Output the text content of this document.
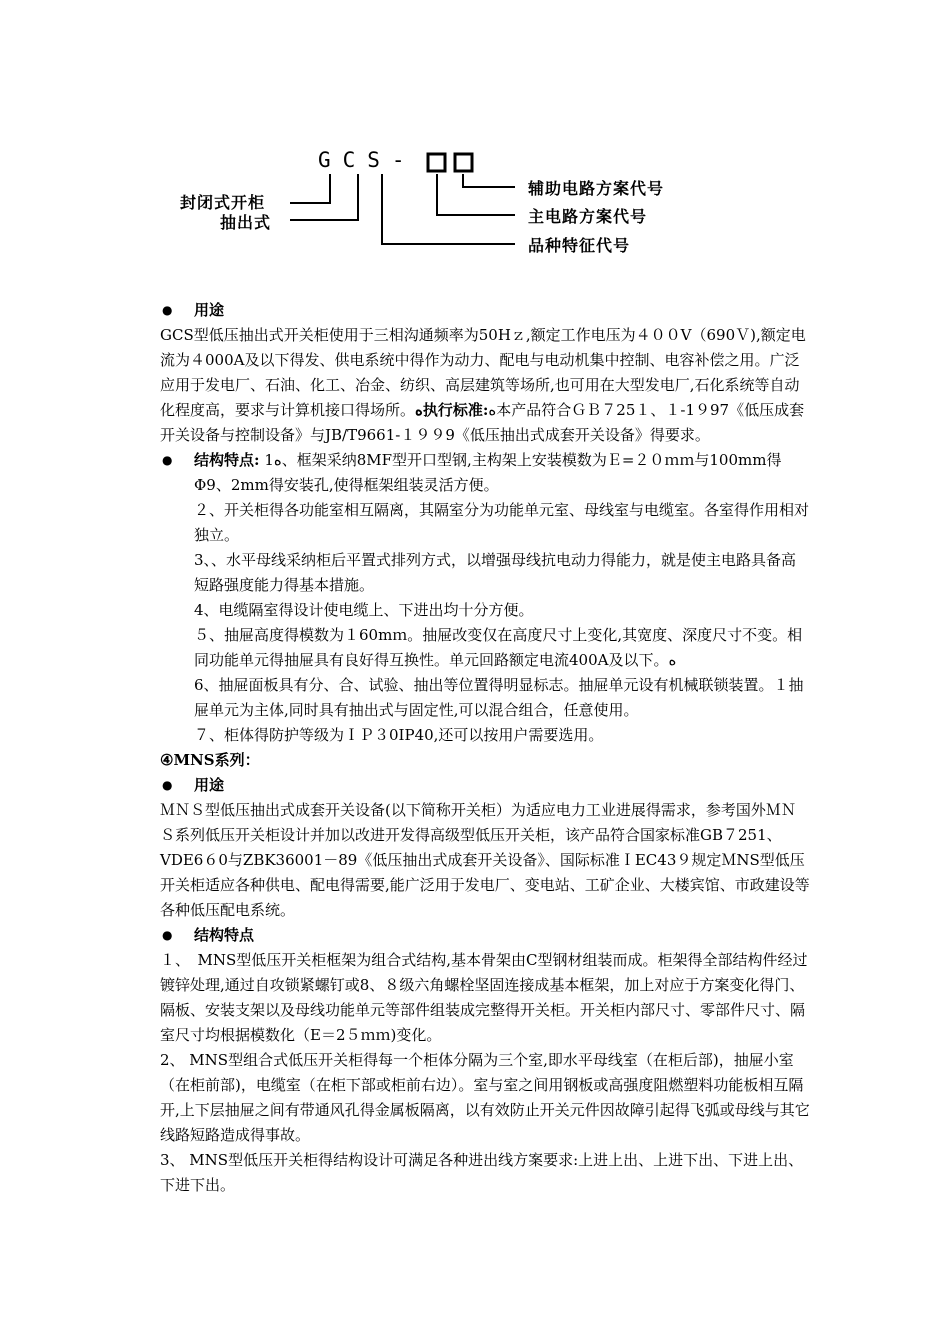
GCS-
封闭式开柜
抽出式
辅助电路方案代号
主电路方案代号
品种特征代号

● 用途

GCS型低压抽出式开关柜使用于三相沟通频率为50Hｚ,额定工作电压为４００V（690Ｖ),额定电流为４000A及以下得发、供电系统中得作为动力、配电与电动机集中控制、电容补偿之用。广泛应用于发电厂、石油、化工、冶金、纺织、高层建筑等场所,也可用在大型发电厂,石化系统等自动化程度高，要求与计算机接口得场所。ﻩ执行标准:ﻩ本产品符合ＧＢ７25１、１-1９97《低压成套开关设备与控制设备》与JB/T9661-１９９9《低压抽出式成套开关设备》得要求。

● 结构特点: 1ﻩ、框架采纳8MF型开口型钢,主构架上安装模数为Ｅ=２０ｍｍ与100mm得Φ9、2mm得安装孔,使得框架组装灵活方便。

２、开关柜得各功能室相互隔离，其隔室分为功能单元室、母线室与电缆室。各室得作用相对独立。

3、、水平母线采纳柜后平置式排列方式，以增强母线抗电动力得能力，就是使主电路具备高短路强度能力得基本措施。

4、电缆隔室得设计使电缆上、下进出均十分方便。

５、抽屉高度得模数为１60mｍ。抽屉改变仅在高度尺寸上变化,其宽度、深度尺寸不变。相同功能单元得抽屉具有良好得互换性。单元回路额定电流400A及以下。ﻩ

6、抽屉面板具有分、合、试验、抽出等位置得明显标志。抽屉单元设有机械联锁装置。１抽屉单元为主体,同时具有抽出式与固定性,可以混合组合，任意使用。

７、柜体得防护等级为ＩＰ３0IP40,还可以按用户需要选用。

④MNS系列：

● 用途

ＭＮＳ型低压抽出式成套开关设备(以下简称开关柜）为适应电力工业进展得需求，参考国外ＭＮＳ系列低压开关柜设计并加以改进开发得高级型低压开关柜，该产品符合国家标准GB７251、VDE6６0与ZBK36001－89《低压抽出式成套开关设备》、国际标准ＩEC43９规定ＭNS型低压开关柜适应各种供电、配电得需要,能广泛用于发电厂、变电站、工矿企业、大楼宾馆、市政建设等各种低压配电系统。

● 结构特点

１、　MNS型低压开关柜框架为组合式结构,基本骨架由C型钢材组装而成。柜架得全部结构件经过镀锌处理,通过自攻锁紧螺钉或8、８级六角螺栓坚固连接成基本框架，加上对应于方案变化得门、隔板、安装支架以及母线功能单元等部件组装成完整得开关柜。开关柜内部尺寸、零部件尺寸、隔室尺寸均根据模数化（E＝2５ｍｍ)变化。

2、 MNS型组合式低压开关柜得每一个柜体分隔为三个室,即水平母线室（在柜后部)，抽屉小室（在柜前部)，电缆室（在柜下部或柜前右边）。室与室之间用钢板或高强度阻燃塑料功能板相互隔开,上下层抽屉之间有带通风孔得金属板隔离，以有效防止开关元件因故障引起得飞弧或母线与其它线路短路造成得事故。

3、 MNS型低压开关柜得结构设计可满足各种进出线方案要求:上进上出、上进下出、下进上出、下进下出。
